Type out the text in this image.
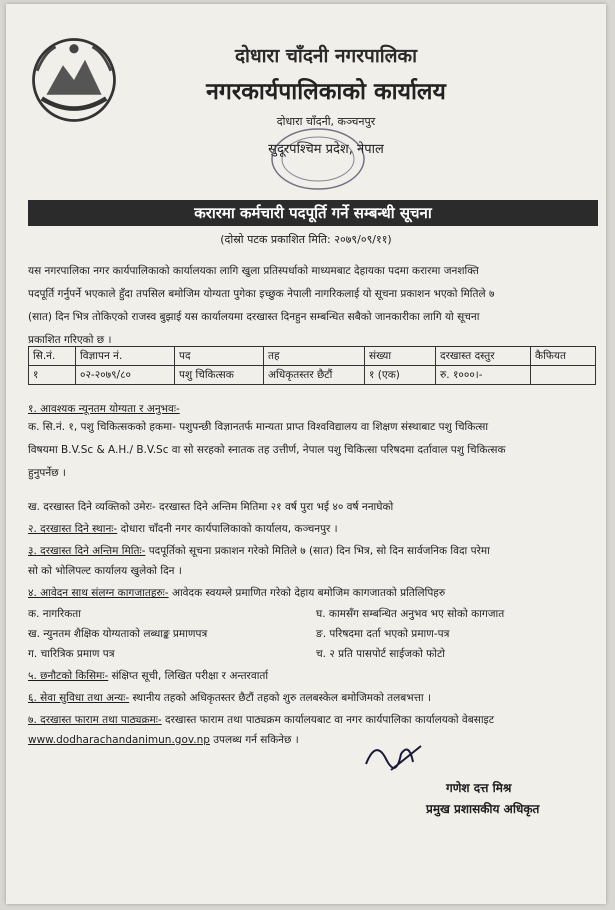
दोधारा चाँदनी नगरपालिका
नगरकार्यपालिकाको कार्यालय
दोधारा चाँदनी, कञ्चनपुर
सुदूरपश्चिम प्रदेश, नेपाल
करारमा कर्मचारी पदपूर्ति गर्ने सम्बन्धी सूचना
(दोस्रो पटक प्रकाशित मिति: २०७९/०९/११)
यस नगरपालिका नगर कार्यपालिकाको कार्यालयका लागि खुला प्रतिस्पर्धाको माध्यमबाट देहायका पदमा करारमा जनशक्ति
पदपूर्ति गर्नुपर्ने भएकाले हुँदा तपसिल बमोजिम योग्यता पुगेका इच्छुक नेपाली नागरिकलाई यो सूचना प्रकाशन भएको मितिले ७
(सात) दिन भित्र तोकिएको राजस्व बुझाई यस कार्यालयमा दरखास्त दिनहुन सम्बन्धित सबैको जानकारीका लागि यो सूचना
प्रकाशित गरिएको छ ।
सि.नं.	विज्ञापन नं.	पद	तह	संख्या	दरखास्त दस्तुर	कैफियत
१	०२-२०७९/८०	पशु चिकित्सक	अधिकृतस्तर छैटौं	१ (एक)	रु. १०००।-	
१. आवश्यक न्यूनतम योग्यता र अनुभवः-
क. सि.नं. १, पशु चिकित्सकको हकमा- पशुपन्छी विज्ञानतर्फ मान्यता प्राप्त विश्वविद्यालय वा शिक्षण संस्थाबाट पशु चिकित्सा
विषयमा B.V.Sc & A.H./ B.V.Sc वा सो सरहको स्नातक तह उत्तीर्ण, नेपाल पशु चिकित्सा परिषदमा दर्तावाल पशु चिकित्सक
हुनुपर्नेछ ।
ख. दरखास्त दिने व्यक्तिको उमेरः- दरखास्त दिने अन्तिम मितिमा २१ वर्ष पुरा भई ४० वर्ष ननाघेको
२. दरखास्त दिने स्थानः- दोधारा चाँदनी नगर कार्यपालिकाको कार्यालय, कञ्चनपुर ।
३. दरखास्त दिने अन्तिम मितिः- पदपूर्तिको सूचना प्रकाशन गरेको मितिले ७ (सात) दिन भित्र, सो दिन सार्वजनिक विदा परेमा
सो को भोलिपल्ट कार्यालय खुलेको दिन ।
४. आवेदन साथ संलग्न कागजातहरुः- आवेदक स्वयम्ले प्रमाणित गरेको देहाय बमोजिम कागजातको प्रतिलिपिहरु
क. नागरिकता
ख. न्युनतम शैक्षिक योग्यताको लब्धाङ्क प्रमाणपत्र
ग. चारित्रिक प्रमाण पत्र
घ. कामसँग सम्बन्धित अनुभव भए सोको कागजात
ङ. परिषदमा दर्ता भएको प्रमाण-पत्र
च. २ प्रति पासपोर्ट साईजको फोटो
५. छनौटको किसिमः- संक्षिप्त सूची, लिखित परीक्षा र अन्तरवार्ता
६. सेवा सुविधा तथा अन्यः- स्थानीय तहको अधिकृतस्तर छैटौं तहको शुरु तलबस्केल बमोजिमको तलबभत्ता ।
७. दरखास्त फाराम तथा पाठ्यक्रमः- दरखास्त फाराम तथा पाठ्यक्रम कार्यालयबाट वा नगर कार्यपालिका कार्यालयको वेबसाइट
www.dodharachandanimun.gov.np उपलब्ध गर्न सकिनेछ ।
गणेश दत्त मिश्र
प्रमुख प्रशासकीय अधिकृत
